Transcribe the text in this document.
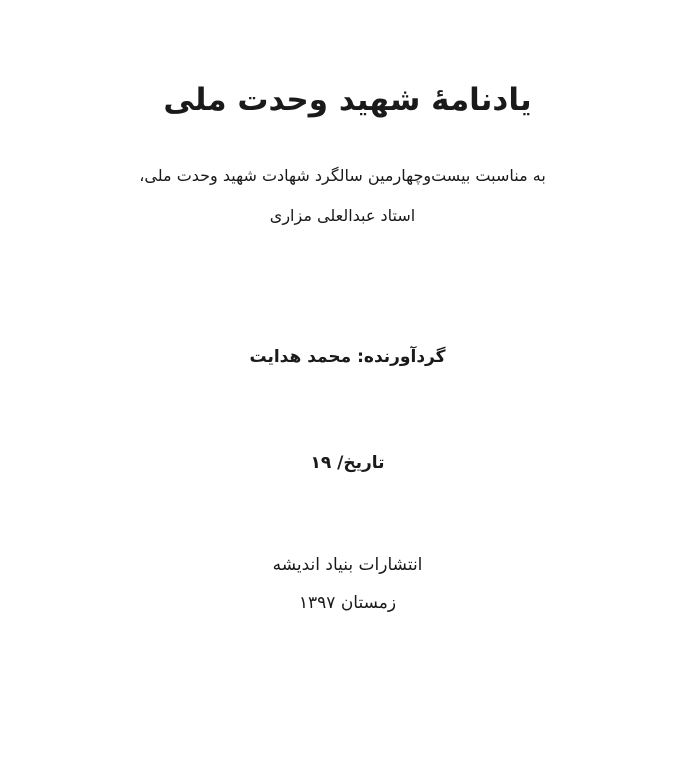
یادنامهٔ شهید وحدت ملی
به مناسبت بیست‌وچهارمین سالگرد شهادت شهید وحدت ملی،
استاد عبدالعلی مزاری
گردآورنده: محمد هدایت
تاریخ/ ۱۹
انتشارات بنیاد اندیشه
زمستان ۱۳۹۷
